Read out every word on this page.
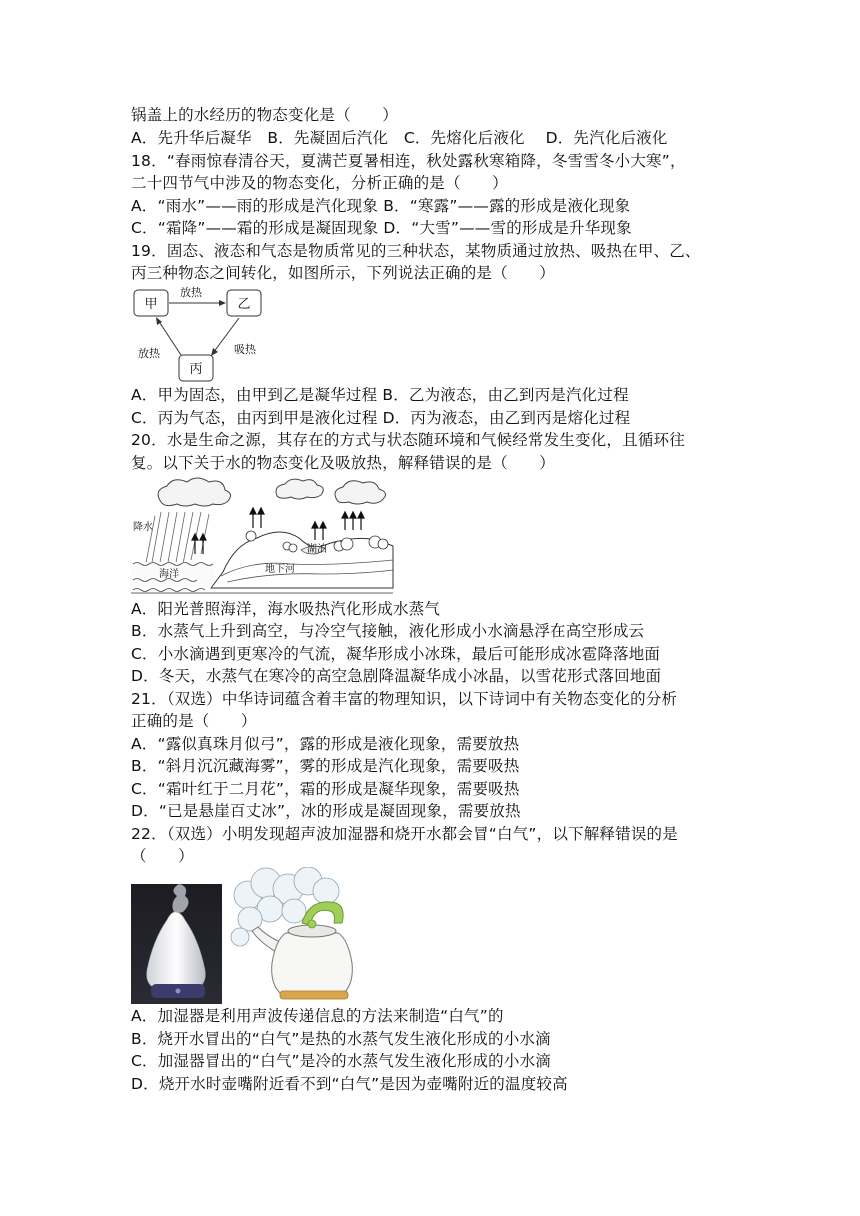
锅盖上的水经历的物态变化是（　　）
A．先升华后凝华　B．先凝固后汽化　C．先熔化后液化　 D．先汽化后液化
18．“春雨惊春清谷天，夏满芒夏暑相连，秋处露秋寒箱降，冬雪雪冬小大寒”，
二十四节气中涉及的物态变化，分析正确的是（　　）
A．“雨水”——雨的形成是汽化现象 B．“寒露”——露的形成是液化现象
C．“霜降”——霜的形成是凝固现象 D．“大雪”——雪的形成是升华现象
19．固态、液态和气态是物质常见的三种状态，某物质通过放热、吸热在甲、乙、
丙三种物态之间转化，如图所示，下列说法正确的是（　　）
甲	乙
丙
放热
吸热
放热
A．甲为固态，由甲到乙是凝华过程 B．乙为液态，由乙到丙是汽化过程
C．丙为气态，由丙到甲是液化过程 D．丙为液态，由乙到丙是熔化过程
20．水是生命之源，其存在的方式与状态随环境和气候经常发生变化，且循环往
复。以下关于水的物态变化及吸放热，解释错误的是（　　）
降水
湖泊
地下河
海洋
A．阳光普照海洋，海水吸热汽化形成水蒸气
B．水蒸气上升到高空，与冷空气接触，液化形成小水滴悬浮在高空形成云
C．小水滴遇到更寒冷的气流，凝华形成小冰珠，最后可能形成冰雹降落地面
D．冬天，水蒸气在寒冷的高空急剧降温凝华成小冰晶，以雪花形式落回地面
21．（双选）中华诗词蕴含着丰富的物理知识，以下诗词中有关物态变化的分析
正确的是（　　）
A．“露似真珠月似弓”，露的形成是液化现象，需要放热
B．“斜月沉沉藏海雾”，雾的形成是汽化现象，需要吸热
C．“霜叶红于二月花”，霜的形成是凝华现象，需要吸热
D．“已是悬崖百丈冰”，冰的形成是凝固现象，需要放热
22．（双选）小明发现超声波加湿器和烧开水都会冒“白气”，以下解释错误的是
（　　）
A．加湿器是利用声波传递信息的方法来制造“白气”的
B．烧开水冒出的“白气”是热的水蒸气发生液化形成的小水滴
C．加湿器冒出的“白气”是冷的水蒸气发生液化形成的小水滴
D．烧开水时壶嘴附近看不到“白气”是因为壶嘴附近的温度较高
